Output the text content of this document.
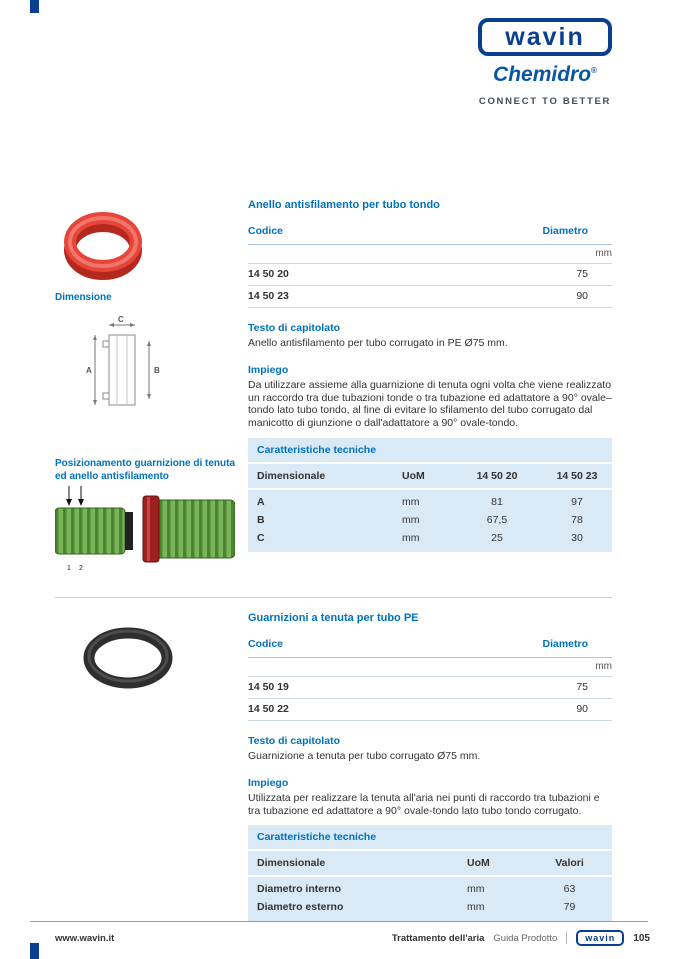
wavin
Chemidro®
CONNECT TO BETTER
Dimensione
C
A	B
Posizionamento guarnizione di tenuta ed anello antisfilamento
1 2
Anello antisfilamento per tubo tondo
Codice	Diametro
	mm
14 50 20	75
14 50 23	90
Testo di capitolato

Anello antisfilamento per tubo corrugato in PE Ø75 mm.

Impiego

Da utilizzare assieme alla guarnizione di tenuta ogni volta che viene realizzato un raccordo tra due tubazioni tonde o tra tubazione ed adattatore a 90° ovale–tondo lato tubo tondo, al fine di evitare lo sfilamento del tubo corrugato dal manicotto di giunzione o dall'adattatore a 90° ovale-tondo.

Caratteristiche tecniche
Dimensionale	UoM	14 50 20	14 50 23
A	mm	81	97
B	mm	67,5	78
C	mm	25	30
Guarnizioni a tenuta per tubo PE
Codice	Diametro
	mm
14 50 19	75
14 50 22	90
Testo di capitolato

Guarnizione a tenuta per tubo corrugato Ø75 mm.

Impiego

Utilizzata per realizzare la tenuta all'aria nei punti di raccordo tra tubazioni e tra tubazione ed adattatore a 90° ovale-tondo lato tubo tondo corrugato.

Caratteristiche tecniche
Dimensionale	UoM	Valori
Diametro interno	mm	63
Diametro esterno	mm	79
www.wavin.it	Trattamento dell'aria Guida Prodotto	wavin	105
